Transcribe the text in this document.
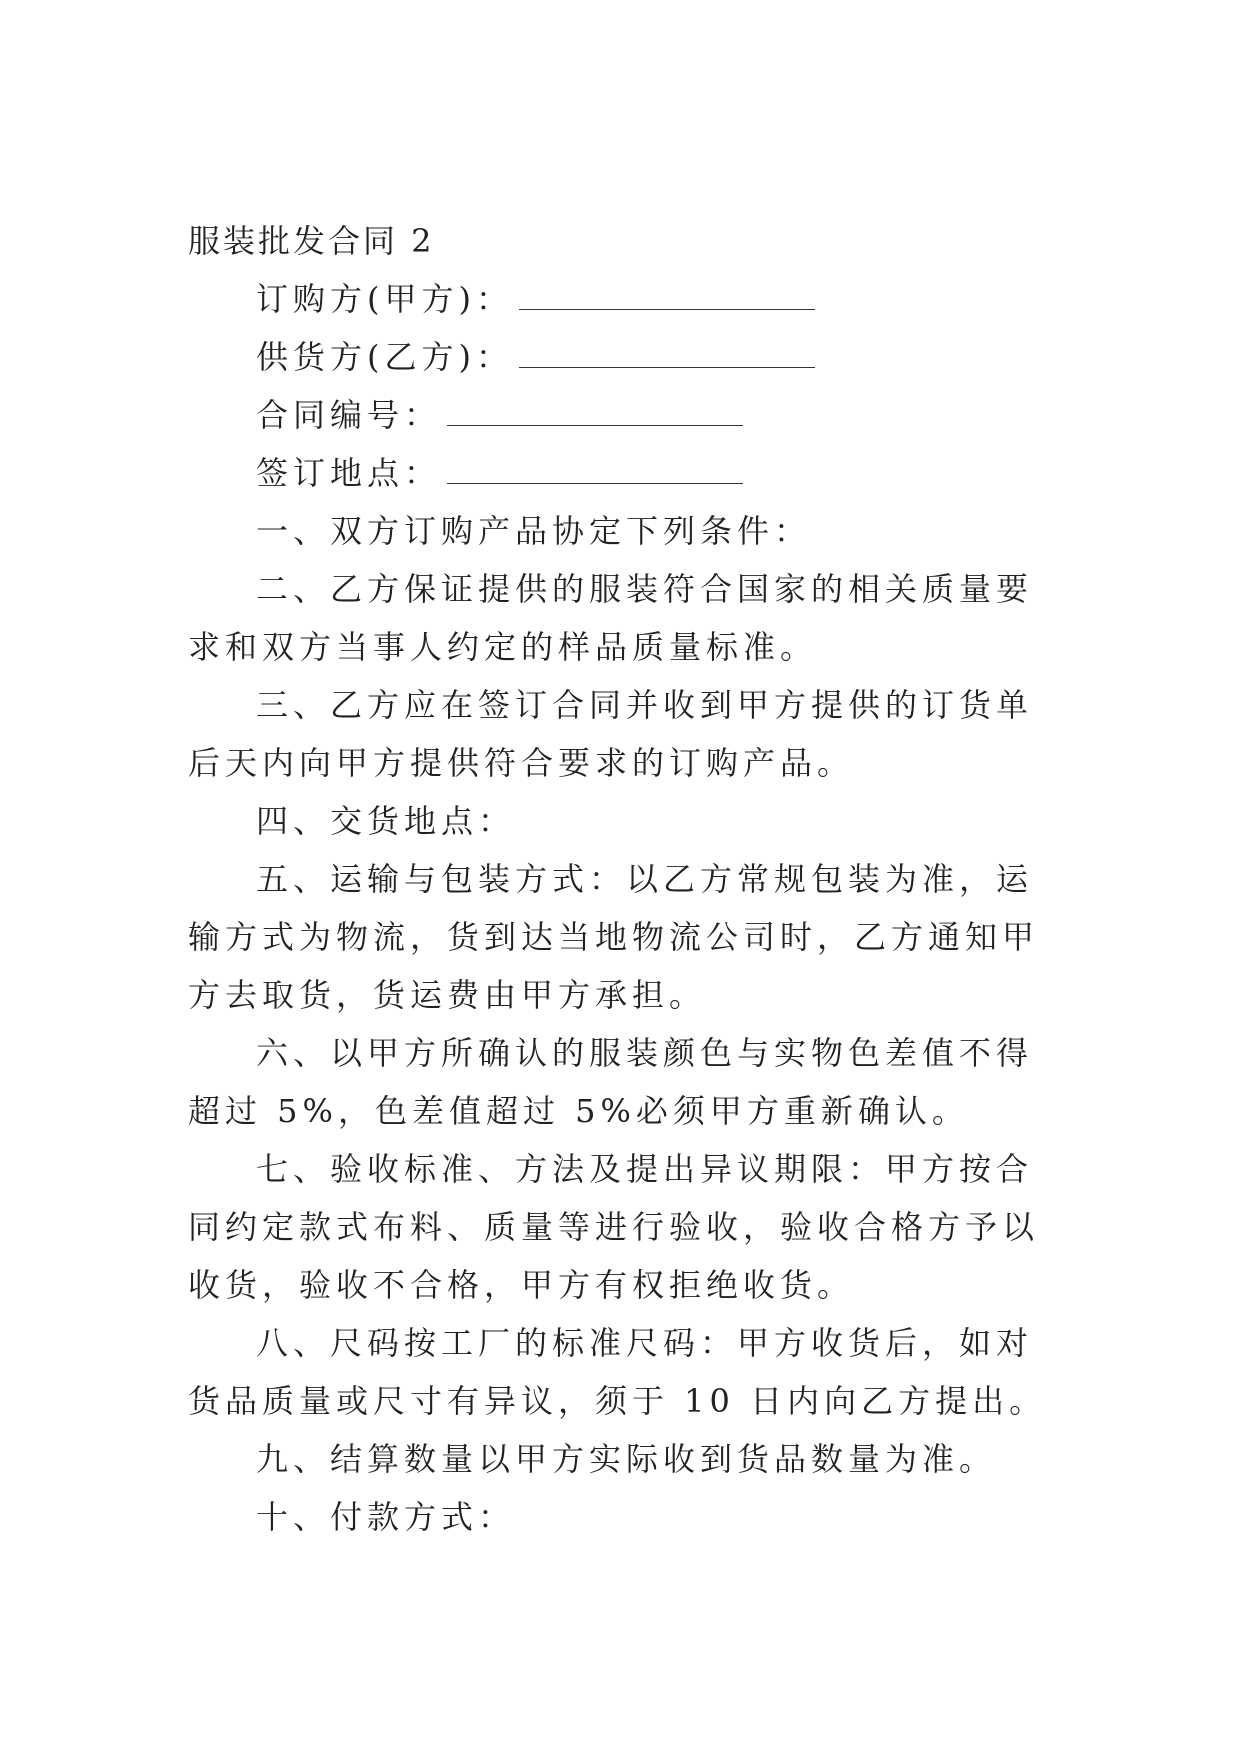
服装批发合同 2

订购方(甲方)：

供货方(乙方)：

合同编号：

签订地点：

一、双方订购产品协定下列条件：

二、乙方保证提供的服装符合国家的相关质量要求和双方当事人约定的样品质量标准。

三、乙方应在签订合同并收到甲方提供的订货单后天内向甲方提供符合要求的订购产品。

四、交货地点：

五、运输与包装方式：以乙方常规包装为准，运输方式为物流，货到达当地物流公司时，乙方通知甲方去取货，货运费由甲方承担。

六、以甲方所确认的服装颜色与实物色差值不得超过 5%，色差值超过 5%必须甲方重新确认。

七、验收标准、方法及提出异议期限：甲方按合同约定款式布料、质量等进行验收，验收合格方予以收货，验收不合格，甲方有权拒绝收货。

八、尺码按工厂的标准尺码：甲方收货后，如对货品质量或尺寸有异议，须于 10 日内向乙方提出。

九、结算数量以甲方实际收到货品数量为准。

十、付款方式：
